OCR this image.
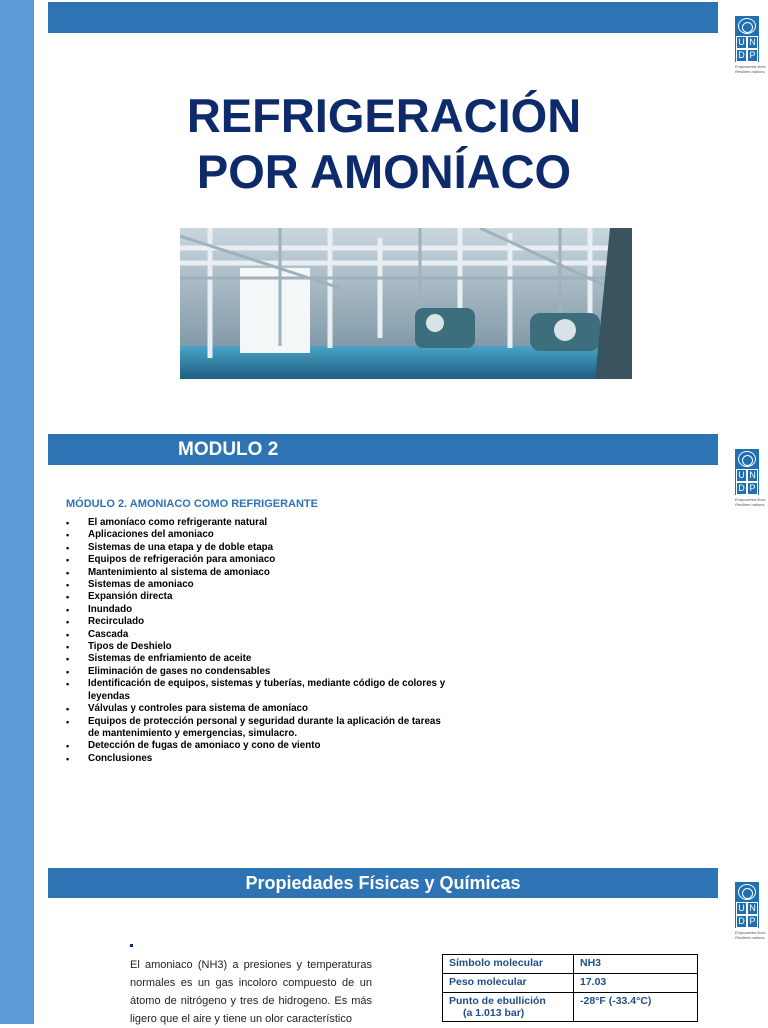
U N
D P
Empowered lives.
Resilient nations.
REFRIGERACIÓN
POR AMONÍACO
MODULO 2
U N
D P
Empowered lives.
Resilient nations.
MÓDULO 2. AMONIACO COMO REFRIGERANTE
• El amoníaco como refrigerante natural
• Aplicaciones del amoniaco
• Sistemas de una etapa y de doble etapa
• Equipos de refrigeración para amoniaco
• Mantenimiento al sistema de amoniaco
• Sistemas de amoniaco
• Expansión directa
• Inundado
• Recirculado
• Cascada
• Tipos de Deshielo
• Sistemas de enfriamiento de aceite
• Eliminación de gases no condensables
• Identificación de equipos, sistemas y tuberías, mediante código de colores y leyendas
• Válvulas y controles para sistema de amoníaco
• Equipos de protección personal y seguridad durante la aplicación de tareas de mantenimiento y emergencias, simulacro.
• Detección de fugas de amoniaco y cono de viento
• Conclusiones
Propiedades Físicas y Químicas
U N
D P
Empowered lives.
Resilient nations.
El amoniaco (NH3) a presiones y temperaturas normales es un gas incoloro compuesto de un átomo de nitrógeno y tres de hidrogeno. Es más ligero que el aire y tiene un olor característico
Símbolo molecular	NH3
Peso molecular	17.03
Punto de ebullición
(a 1.013 bar)	-28°F (-33.4°C)
